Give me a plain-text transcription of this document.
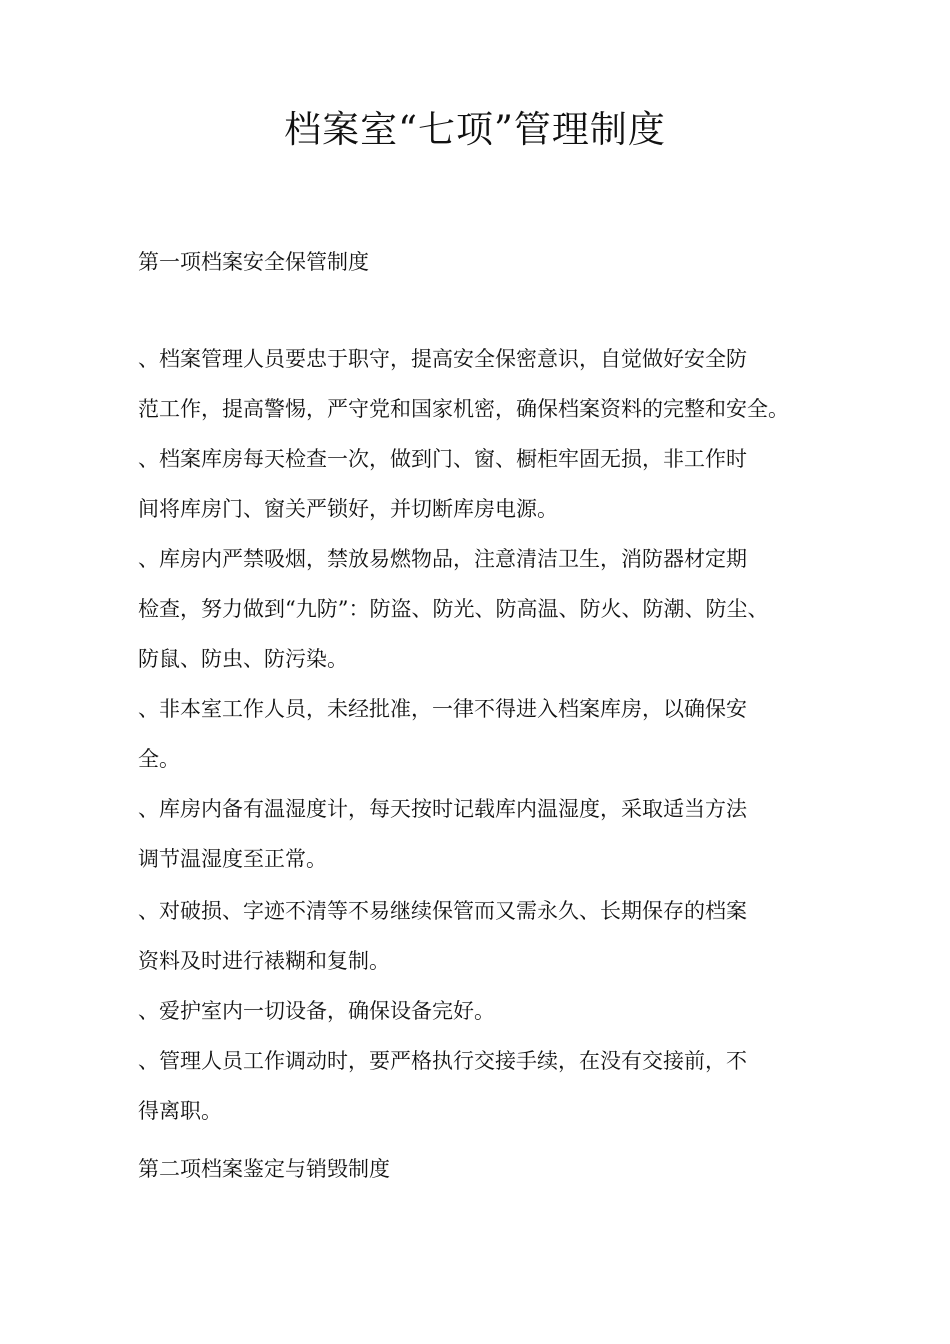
档案室“七项”管理制度
第一项档案安全保管制度

、档案管理人员要忠于职守，提高安全保密意识，自觉做好安全防

范工作，提高警惕，严守党和国家机密，确保档案资料的完整和安全。

、档案库房每天检查一次，做到门、窗、橱柜牢固无损，非工作时

间将库房门、窗关严锁好，并切断库房电源。

、库房内严禁吸烟，禁放易燃物品，注意清洁卫生，消防器材定期

检查，努力做到“九防”：防盗、防光、防高温、防火、防潮、防尘、

防鼠、防虫、防污染。

、非本室工作人员，未经批准，一律不得进入档案库房，以确保安

全。

、库房内备有温湿度计，每天按时记载库内温湿度，采取适当方法

调节温湿度至正常。

、对破损、字迹不清等不易继续保管而又需永久、长期保存的档案

资料及时进行裱糊和复制。

、爱护室内一切设备，确保设备完好。

、管理人员工作调动时，要严格执行交接手续，在没有交接前，不

得离职。

第二项档案鉴定与销毁制度
